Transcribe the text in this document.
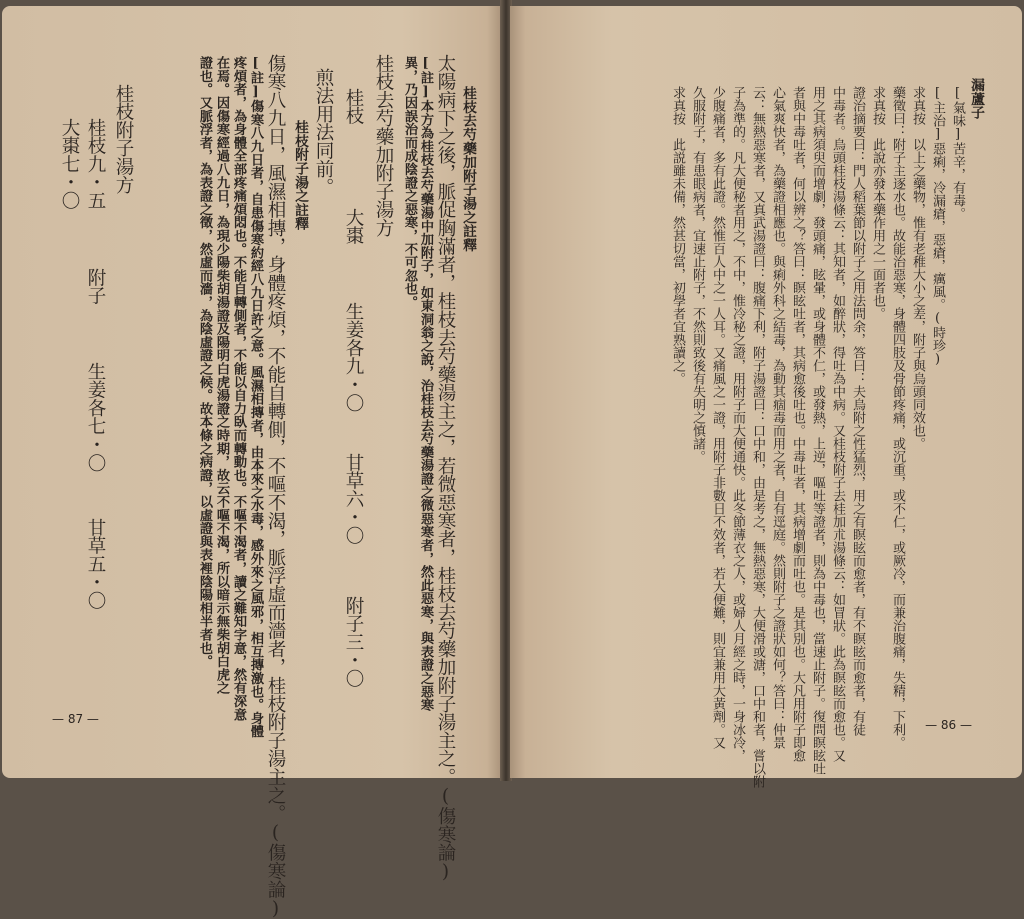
桂枝去芍藥加附子湯之註釋
太陽病下之後，脈促胸滿者，桂枝去芍藥湯主之，若微惡寒者，桂枝去芍藥加附子湯主之。(傷寒論)
[註]本方為桂枝去芍藥湯中加附子，如東洞翁之說，治桂枝去芍藥湯證之微惡寒者，然此惡寒，與表證之惡寒
異，乃因誤治而成陰證之惡寒，不可忽也。
桂枝去芍藥加附子湯方
桂枝
大棗
生姜各九・〇
甘草六・〇
附子三・〇
煎法用法同前。
桂枝附子湯之註釋
傷寒八九日，風濕相摶，身體疼煩，不能自轉側，不嘔不渴，脈浮虛而濇者，桂枝附子湯主之。(傷寒論)
[註]傷寒八九日者，自患傷寒約經八九日許之意。風濕相摶者，由本來之水毒，感外來之風邪，相互摶激也。身體
疼煩者，為身體全部疼痛煩悶也。不能自轉側者，不能以自力臥而轉動也。不嘔不渴者，讀之難知字意，然有深意
在焉。因傷寒經過八九日，為現少陽柴胡湯證及陽明白虎湯證之時期，故云不嘔不渴，所以暗示無柴胡白虎之
證也。又脈浮者，為表證之徵，然虛而濇，為陰虛證之候。故本條之病證，以虛證與表裡陰陽相半者也。
桂枝附子湯方
桂枝九・五
附子
生姜各七・〇
甘草五・〇
大棗七・〇
— 87 —
漏蘆子
[氣味]苦辛，有毒。
[主治]惡痢，冷漏瘡，惡瘡，癘風。(時珍)
求真按　以上之藥物，惟有老稚大小之差，附子與烏頭同效也。
藥徵曰：附子主逐水也。故能治惡寒，身體四肢及骨節疼痛，或沉重，或不仁，或厥冷，而兼治腹痛，失精，下利。
求真按　此說亦發本藥作用之一面者也。
證治摘要曰：門人稻葉節以附子之用法問余，答曰：夫烏附之性猛烈，用之有瞑眩而愈者，有不瞑眩而愈者，有徒
中毒者。烏頭桂枝湯條云：其知者，如醉狀，得吐為中病。又桂枝附子去桂加朮湯條云：如冒狀。此為瞑眩而愈也。又
用之其病須臾而增劇，發頭痛，眩暈，或身體不仁，或發熱，上逆，嘔吐等證者，則為中毒也，當速止附子。復問瞑眩吐
者與中毒吐者，何以辨之？答曰：瞑眩吐者，其病愈後吐也。中毒吐者，其病增劇而吐也。是其別也。大凡用附子即愈
心氣爽快者，為藥證相應也。與痢外科之結毒，為動其痼毒而用之者，自有逕庭。然則附子之證狀如何？答曰：仲景
云：無熱惡寒者，又真武湯證曰：腹痛下利，附子湯證曰：口中和，由是考之，無熱惡寒，大便滑或溏，口中和者，嘗以附
子為準的。凡大便秘者用之，不中，惟冷秘之證，用附子而大便通快。此冬節薄衣之人，或婦人月經之時，一身冰冷，
少腹痛者，多有此證。然惟百人中之一人耳。又痛風之一證，用附子非數日不效者，若大便難，則宜兼用大黃劑。又
久服附子，有患眼病者，宜速止附子，不然則致後有失明之慎諸。
求真按　此説雖未備，然甚切當，初學者宜熟讀之。
— 86 —
